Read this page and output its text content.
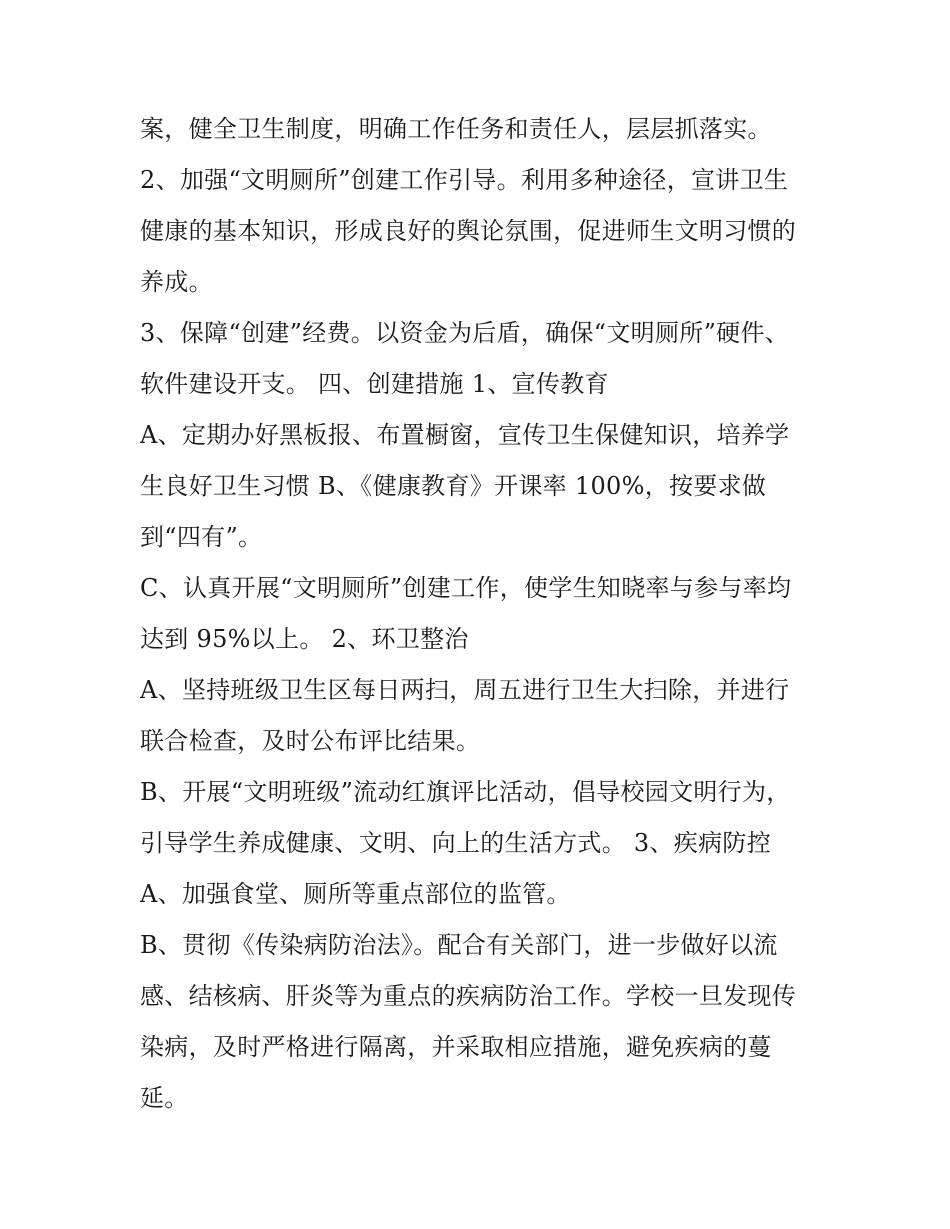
案，健全卫生制度，明确工作任务和责任人，层层抓落实。
2、加强“文明厕所”创建工作引导。利用多种途径，宣讲卫生
健康的基本知识，形成良好的舆论氛围，促进师生文明习惯的
养成。
3、保障“创建”经费。以资金为后盾，确保“文明厕所”硬件、
软件建设开支。 四、创建措施 1、宣传教育
A、定期办好黑板报、布置橱窗，宣传卫生保健知识，培养学
生良好卫生习惯 B、《健康教育》开课率 100%，按要求做
到“四有”。
C、认真开展“文明厕所”创建工作，使学生知晓率与参与率均
达到 95%以上。 2、环卫整治
A、坚持班级卫生区每日两扫，周五进行卫生大扫除，并进行
联合检查，及时公布评比结果。
B、开展“文明班级”流动红旗评比活动，倡导校园文明行为，
引导学生养成健康、文明、向上的生活方式。 3、疾病防控
A、加强食堂、厕所等重点部位的监管。
B、贯彻《传染病防治法》。配合有关部门，进一步做好以流
感、结核病、肝炎等为重点的疾病防治工作。学校一旦发现传
染病，及时严格进行隔离，并采取相应措施，避免疾病的蔓
延。
